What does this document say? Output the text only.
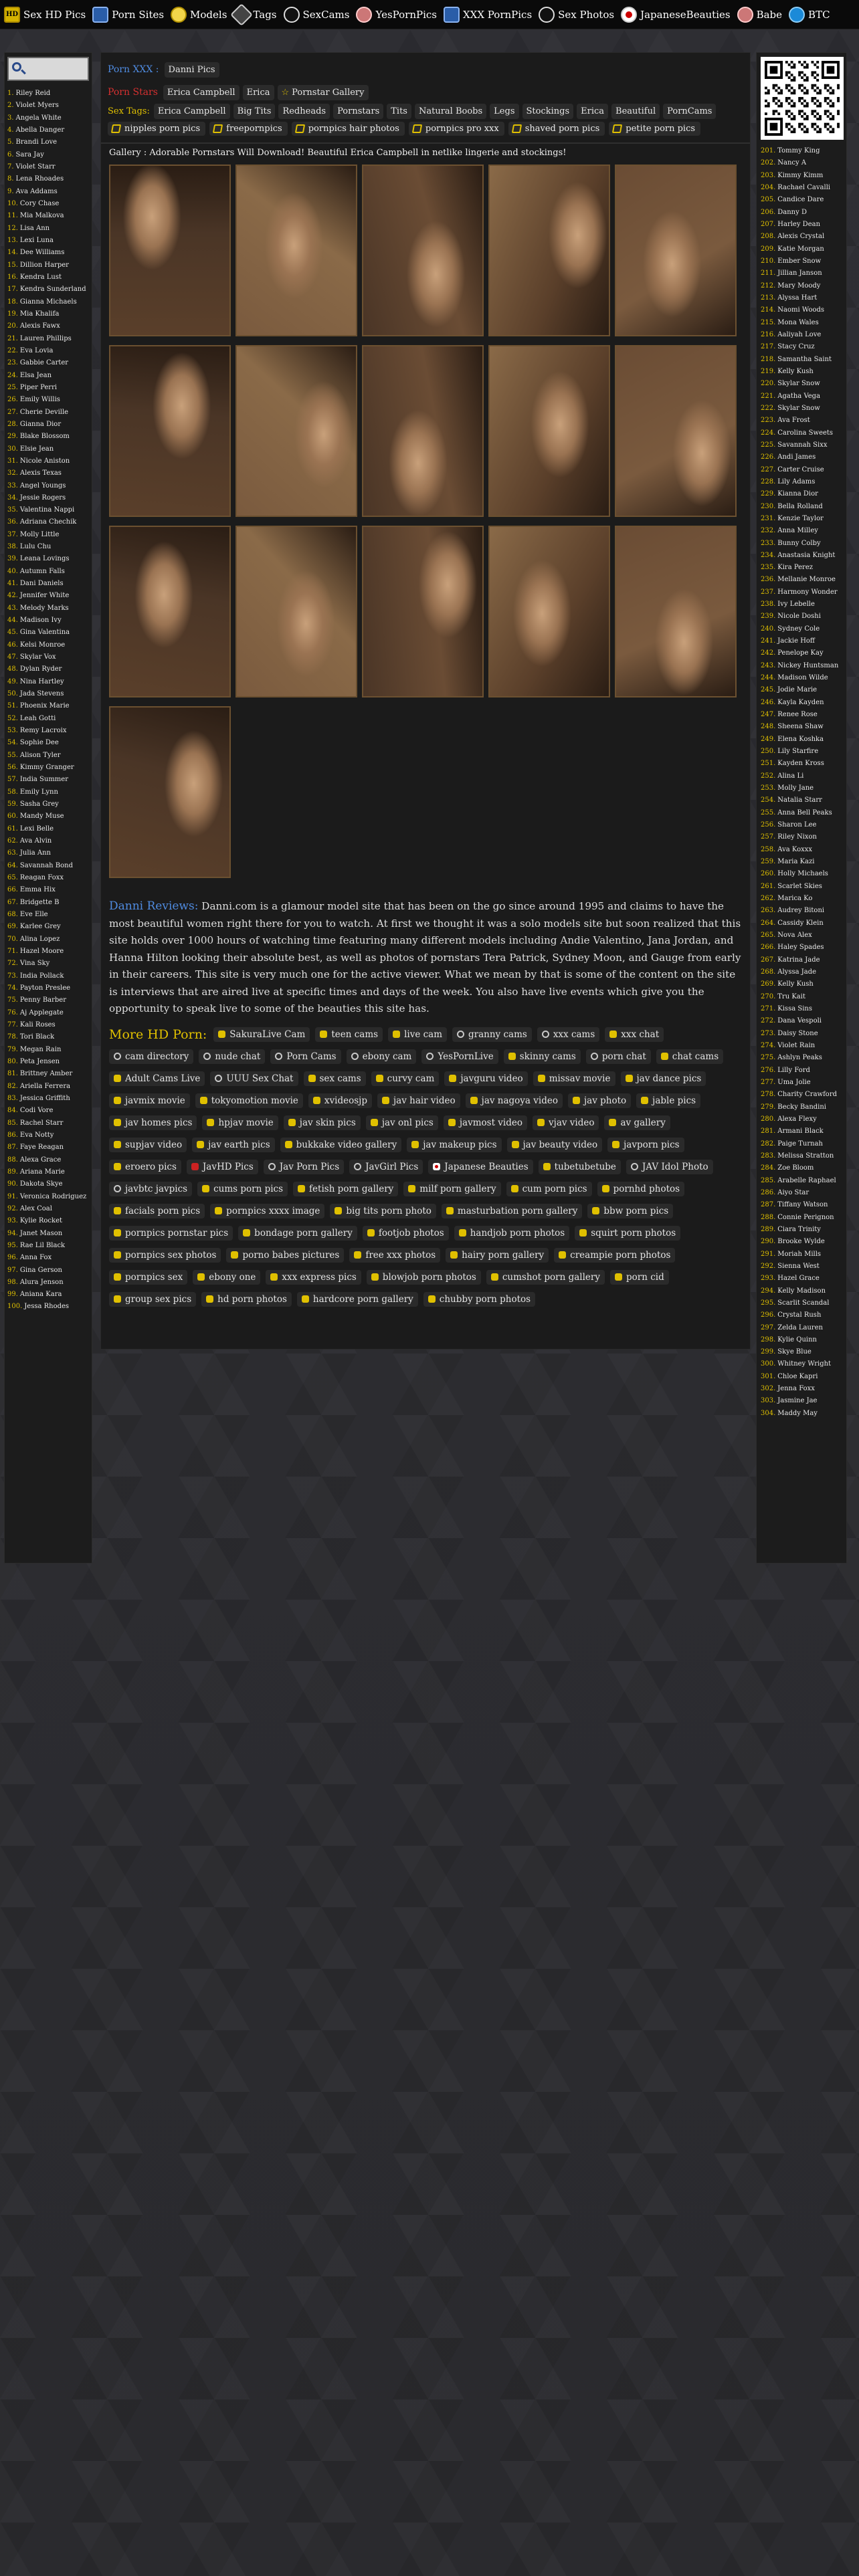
HD Sex HD Pics	Porn Sites	Models	Tags	SexCams	YesPornPics	XXX PornPics	Sex Photos	JapaneseBeauties	Babe	BTC
1. Riley Reid
2. Violet Myers
3. Angela White
4. Abella Danger
5. Brandi Love
6. Sara Jay
7. Violet Starr
8. Lena Rhoades
9. Ava Addams
10. Cory Chase
11. Mia Malkova
12. Lisa Ann
13. Lexi Luna
14. Dee Williams
15. Dillion Harper
16. Kendra Lust
17. Kendra Sunderland
18. Gianna Michaels
19. Mia Khalifa
20. Alexis Fawx
21. Lauren Phillips
22. Eva Lovia
23. Gabbie Carter
24. Elsa Jean
25. Piper Perri
26. Emily Willis
27. Cherie Deville
28. Gianna Dior
29. Blake Blossom
30. Elsie Jean
31. Nicole Aniston
32. Alexis Texas
33. Angel Youngs
34. Jessie Rogers
35. Valentina Nappi
36. Adriana Chechik
37. Molly Little
38. Lulu Chu
39. Leana Lovings
40. Autumn Falls
41. Dani Daniels
42. Jennifer White
43. Melody Marks
44. Madison Ivy
45. Gina Valentina
46. Kelsi Monroe
47. Skylar Vox
48. Dylan Ryder
49. Nina Hartley
50. Jada Stevens
51. Phoenix Marie
52. Leah Gotti
53. Remy Lacroix
54. Sophie Dee
55. Alison Tyler
56. Kimmy Granger
57. India Summer
58. Emily Lynn
59. Sasha Grey
60. Mandy Muse
61. Lexi Belle
62. Ava Alvin
63. Julia Ann
64. Savannah Bond
65. Reagan Foxx
66. Emma Hix
67. Bridgette B
68. Eve Elle
69. Karlee Grey
70. Alina Lopez
71. Hazel Moore
72. Vina Sky
73. India Pollack
74. Payton Preslee
75. Penny Barber
76. Aj Applegate
77. Kali Roses
78. Tori Black
79. Megan Rain
80. Peta Jensen
81. Brittney Amber
82. Ariella Ferrera
83. Jessica Griffith
84. Codi Vore
85. Rachel Starr
86. Eva Notty
87. Faye Reagan
88. Alexa Grace
89. Ariana Marie
90. Dakota Skye
91. Veronica Rodriguez
92. Alex Coal
93. Kylie Rocket
94. Janet Mason
95. Rae Lil Black
96. Anna Fox
97. Gina Gerson
98. Alura Jenson
99. Aniana Kara
100. Jessa Rhodes
Porn XXX :	Danni Pics
Porn Stars	Erica Campbell	Erica	☆ Pornstar Gallery
Sex Tags: Erica Campbell	Big Tits	Redheads	Pornstars	Tits	Natural Boobs	Legs	Stockings	Erica	Beautiful	PornCams
nipples porn pics	freepornpics	pornpics hair photos	pornpics pro xxx	shaved porn pics	petite porn pics
Gallery : Adorable Pornstars Will Download! Beautiful Erica Campbell in netlike lingerie and stockings!

Danni Reviews: Danni.com is a glamour model site that has been on the go since around 1995 and claims to have the most beautiful women right there for you to watch. At first we thought it was a solo models site but soon realized that this site holds over 1000 hours of watching time featuring many different models including Andie Valentino, Jana Jordan, and Hanna Hilton looking their absolute best, as well as photos of pornstars Tera Patrick, Sydney Moon, and Gauge from early in their careers. This site is very much one for the active viewer. What we mean by that is some of the content on the site is interviews that are aired live at specific times and days of the week. You also have live events which give you the opportunity to speak live to some of the beauties this site has.

More HD Porn:	SakuraLive Cam	teen cams	live cam	granny cams	xxx cams	xxx chat
cam directory	nude chat	Porn Cams	ebony cam	YesPornLive	skinny cams	porn chat	chat cams
Adult Cams Live	UUU Sex Chat	sex cams	curvy cam	javguru video	missav movie	jav dance pics
javmix movie	tokyomotion movie	xvideosjp	jav hair video	jav nagoya video	jav photo	jable pics
jav homes pics	hpjav movie	jav skin pics	jav onl pics	javmost video	vjav video	av gallery
supjav video	jav earth pics	bukkake video gallery	jav makeup pics	jav beauty video	javporn pics
eroero pics	JavHD Pics	Jav Porn Pics	JavGirl Pics	Japanese Beauties	tubetubetube	JAV Idol Photo
javbtc javpics	cums porn pics	fetish porn gallery	milf porn gallery	cum porn pics	pornhd photos
facials porn pics	pornpics xxxx image	big tits porn photo	masturbation porn gallery	bbw porn pics
pornpics pornstar pics	bondage porn gallery	footjob photos	handjob porn photos	squirt porn photos
pornpics sex photos	porno babes pictures	free xxx photos	hairy porn gallery	creampie porn photos
pornpics sex	ebony one	xxx express pics	blowjob porn photos	cumshot porn gallery	porn cid
group sex pics	hd porn photos	hardcore porn gallery	chubby porn photos
201. Tommy King
202. Nancy A
203. Kimmy Kimm
204. Rachael Cavalli
205. Candice Dare
206. Danny D
207. Harley Dean
208. Alexis Crystal
209. Katie Morgan
210. Ember Snow
211. Jillian Janson
212. Mary Moody
213. Alyssa Hart
214. Naomi Woods
215. Mona Wales
216. Aaliyah Love
217. Stacy Cruz
218. Samantha Saint
219. Kelly Kush
220. Skylar Snow
221. Agatha Vega
222. Skylar Snow
223. Ava Frost
224. Carolina Sweets
225. Savannah Sixx
226. Andi James
227. Carter Cruise
228. Lily Adams
229. Kianna Dior
230. Bella Rolland
231. Kenzie Taylor
232. Anna Milley
233. Bunny Colby
234. Anastasia Knight
235. Kira Perez
236. Mellanie Monroe
237. Harmony Wonder
238. Ivy Lebelle
239. Nicole Doshi
240. Sydney Cole
241. Jackie Hoff
242. Penelope Kay
243. Nickey Huntsman
244. Madison Wilde
245. Jodie Marie
246. Kayla Kayden
247. Renee Rose
248. Sheena Shaw
249. Elena Koshka
250. Lily Starfire
251. Kayden Kross
252. Alina Li
253. Molly Jane
254. Natalia Starr
255. Anna Bell Peaks
256. Sharon Lee
257. Riley Nixon
258. Ava Koxxx
259. Maria Kazi
260. Holly Michaels
261. Scarlet Skies
262. Marica Ko
263. Audrey Bitoni
264. Cassidy Klein
265. Nova Alex
266. Haley Spades
267. Katrina Jade
268. Alyssa Jade
269. Kelly Kush
270. Tru Kait
271. Kissa Sins
272. Dana Vespoli
273. Daisy Stone
274. Violet Rain
275. Ashlyn Peaks
276. Lilly Ford
277. Uma Jolie
278. Charity Crawford
279. Becky Bandini
280. Alexa Flexy
281. Armani Black
282. Paige Turnah
283. Melissa Stratton
284. Zoe Bloom
285. Arabelle Raphael
286. Aiyo Star
287. Tiffany Watson
288. Connie Perignon
289. Ciara Trinity
290. Brooke Wylde
291. Moriah Mills
292. Sienna West
293. Hazel Grace
294. Kelly Madison
295. Scarlit Scandal
296. Crystal Rush
297. Zelda Lauren
298. Kylie Quinn
299. Skye Blue
300. Whitney Wright
301. Chloe Kapri
302. Jenna Foxx
303. Jasmine Jae
304. Maddy May
